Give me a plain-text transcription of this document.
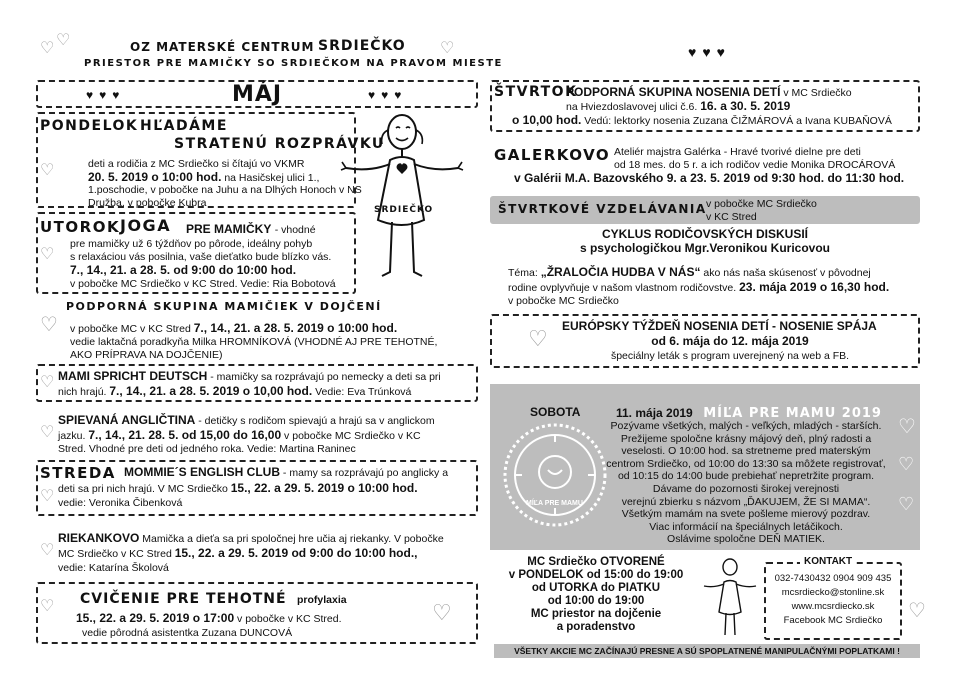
♡ ♡	♡
OZ MATERSKÉ CENTRUM SRDIEČKO
PRIESTOR PRE MAMIČKY SO SRDIEČKOM NA PRAVOM MIESTE
♥♥♥
♥♥♥	MÁJ	♥♥♥
PONDELOK HĽADÁME
STRATENÚ ROZPRÁVKU
♡	deti a rodičia z MC Srdiečko si čítajú vo VKMR
20. 5. 2019 o 10:00 hod. na Hasičskej ulici 1.,
1.poschodie, v pobočke na Juhu a na Dlhých Honoch v NS
Družba, v pobočke Kubra
SRDIEČKO
UTOROK JOGA PRE MAMIČKY - vhodné
♡
pre mamičky už 6 týždňov po pôrode, ideálny pohyb
s relaxáciou vás posilnia, vaše dieťatko bude blízko vás.
7., 14., 21. a 28. 5. od 9:00 do 10:00 hod.
v pobočke MC Srdiečko v KC Stred. Vedie: Ria Bobotová
♡
PODPORNÁ SKUPINA MAMIČIEK V DOJČENÍ
v pobočke MC v KC Stred 7., 14., 21. a 28. 5. 2019 o 10:00 hod.
vedie laktačná poradkyňa Milka HROMNÍKOVÁ (VHODNÉ AJ PRE TEHOTNÉ,
AKO PRÍPRAVA NA DOJČENIE)
♡ MAMI SPRICHT DEUTSCH - mamičky sa rozprávajú po nemecky a deti sa pri
nich hrajú. 7., 14., 21. a 28. 5. 2019 o 10,00 hod. Vedie: Eva Trúnková
♡
SPIEVANÁ ANGLIČTINA - detičky s rodičom spievajú a hrajú sa v anglickom
jazku. 7., 14., 21. 28. 5. od 15,00 do 16,00 v pobočke MC Srdiečko v KC
Stred. Vhodné pre deti od jedného roka. Vedie: Martina Raninec
STREDA MOMMIE´S ENGLISH CLUB - mamy sa rozprávajú po anglicky a
♡ deti sa pri nich hrajú. V MC Srdiečko 15., 22. a 29. 5. 2019 o 10:00 hod.
vedie: Veronika Čibenková
♡
RIEKANKOVO Mamička a dieťa sa pri spoločnej hre učia aj riekanky. V pobočke
MC Srdiečko v KC Stred 15., 22. a 29. 5. 2019 od 9:00 do 10:00 hod.,
vedie: Katarína Školová
♡ CVIČENIE PRE TEHOTNÉ profylaxia
15., 22. a 29. 5. 2019 o 17:00 v pobočke v KC Stred.
vedie pôrodná asistentka Zuzana DUNCOVÁ
♡
ŠTVRTOK
PODPORNÁ SKUPINA NOSENIA DETÍ v MC Srdiečko
na Hviezdoslavovej ulici č.6. 16. a 30. 5. 2019
o 10,00 hod. Vedú: lektorky nosenia Zuzana ČIŽMÁROVÁ a Ivana KUBAŇOVÁ
GALERKOVO Ateliér majstra Galérka - Hravé tvorivé dielne pre deti
od 18 mes. do 5 r. a ich rodičov vedie Monika DROCÁROVÁ
v Galérii M.A. Bazovského 9. a 23. 5. 2019 od 9:30 hod. do 11:30 hod.
ŠTVRTKOVÉ VZDELÁVANIA v pobočke MC Srdiečko
v KC Stred
CYKLUS RODIČOVSKÝCH DISKUSIÍ
s psychologičkou Mgr.Veronikou Kuricovou
Téma: „ŽRALOČIA HUDBA V NÁS“ ako nás naša skúsenosť v pôvodnej
rodine ovplyvňuje v našom vlastnom rodičovstve. 23. mája 2019 o 16,30 hod.
v pobočke MC Srdiečko
♡ EURÓPSKY TÝŽDEŇ NOSENIA DETÍ - NOSENIE SPÁJA
od 6. mája do 12. mája 2019
špeciálny leták s program uverejnený na web a FB.
SOBOTA
MÍĽA PRE MAMU
11. mája 2019 MÍĽA PRE MAMU 2019
Pozývame všetkých, malých - veľkých, mladých - starších.
Prežijeme spoločne krásny májový deň, plný radosti a
veselosti. O 10:00 hod. sa stretneme pred materským
centrom Srdiečko, od 10:00 do 13:30 sa môžete registrovať,
od 10:15 do 14:00 bude prebiehať nepretržite program.
Dávame do pozornosti širokej verejnosti
verejnú zbierku s názvom „ĎAKUJEM, ŽE SI MAMA“.
Všetkým mamám na svete pošleme mierový pozdrav.
Viac informácií na špeciálnych letáčikoch.
Oslávime spoločne DEŇ MATIEK.
♡
♡
♡
MC Srdiečko OTVORENÉ
v PONDELOK od 15:00 do 19:00
od UTORKA do PIATKU
od 10:00 do 19:00
MC priestor na dojčenie
a poradenstvo
KONTAKT
032-7430432 0904 909 435
mcsrdiecko@stonline.sk
www.mcsrdiecko.sk
Facebook MC Srdiečko	♡
VŠETKY AKCIE MC ZAČÍNAJÚ PRESNE A SÚ SPOPLATNENÉ MANIPULAČNÝMI POPLATKAMI !
